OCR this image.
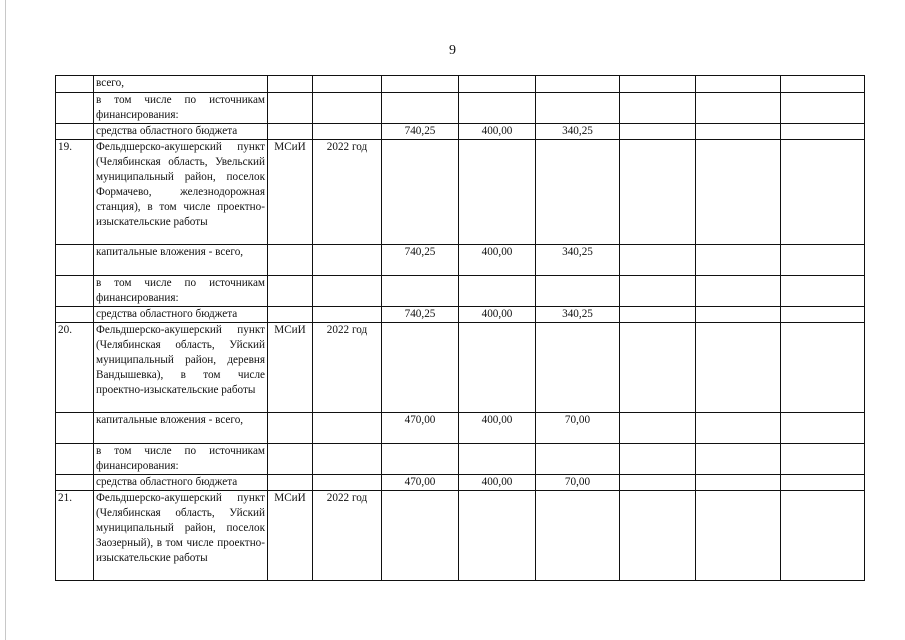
9
	всего,								
	в том числе по источникам финансирования:								
	средства областного бюджета			740,25	400,00	340,25			
19.	Фельдшерско-акушерский пункт (Челябинская область, Увельский муниципальный район, поселок Формачево, железнодорожная станция), в том числе проектно-изыскательские работы	МСиИ	2022 год						
	капитальные вложения - всего,			740,25	400,00	340,25			
	в том числе по источникам финансирования:								
	средства областного бюджета			740,25	400,00	340,25			
20.	Фельдшерско-акушерский пункт (Челябинская область, Уйский муниципальный район, деревня Вандышевка), в том числе проектно-изыскательские работы	МСиИ	2022 год						
	капитальные вложения - всего,			470,00	400,00	70,00			
	в том числе по источникам финансирования:								
	средства областного бюджета			470,00	400,00	70,00			
21.	Фельдшерско-акушерский пункт (Челябинская область, Уйский муниципальный район, поселок Заозерный), в том числе проектно-изыскательские работы	МСиИ	2022 год						
